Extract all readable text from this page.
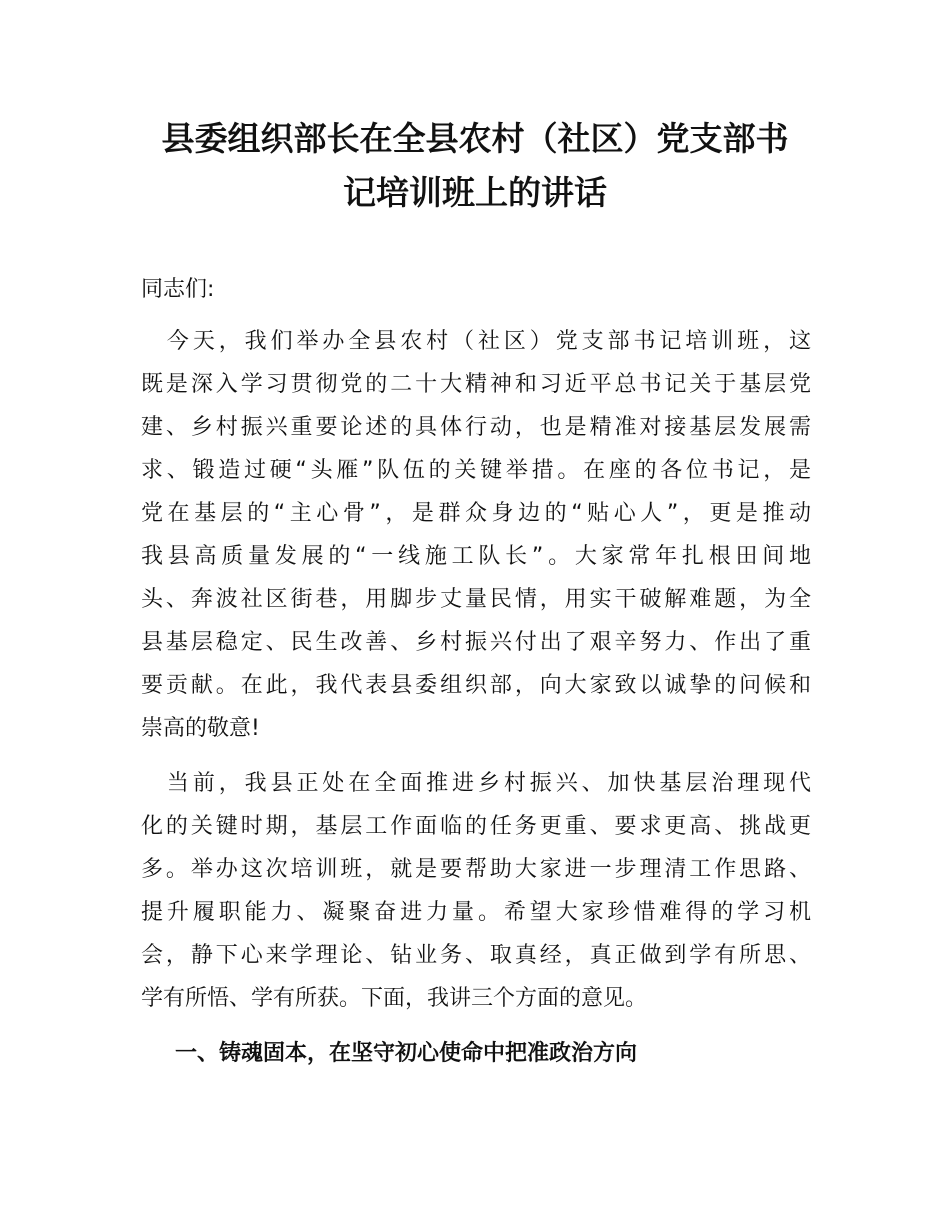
县委组织部长在全县农村（社区）党支部书
记培训班上的讲话

同志们:

　今天，我们举办全县农村（社区）党支部书记培训班，这
既是深入学习贯彻党的二十大精神和习近平总书记关于基层党
建、乡村振兴重要论述的具体行动，也是精准对接基层发展需
求、锻造过硬“头雁”队伍的关键举措。在座的各位书记，是
党在基层的“主心骨”，是群众身边的“贴心人”，更是推动
我县高质量发展的“一线施工队长”。大家常年扎根田间地
头、奔波社区街巷，用脚步丈量民情，用实干破解难题，为全
县基层稳定、民生改善、乡村振兴付出了艰辛努力、作出了重
要贡献。在此，我代表县委组织部，向大家致以诚挚的问候和
崇高的敬意!

　当前，我县正处在全面推进乡村振兴、加快基层治理现代
化的关键时期，基层工作面临的任务更重、要求更高、挑战更
多。举办这次培训班，就是要帮助大家进一步理清工作思路、
提升履职能力、凝聚奋进力量。希望大家珍惜难得的学习机
会，静下心来学理论、钻业务、取真经，真正做到学有所思、
学有所悟、学有所获。下面，我讲三个方面的意见。

一、铸魂固本，在坚守初心使命中把准政治方向
